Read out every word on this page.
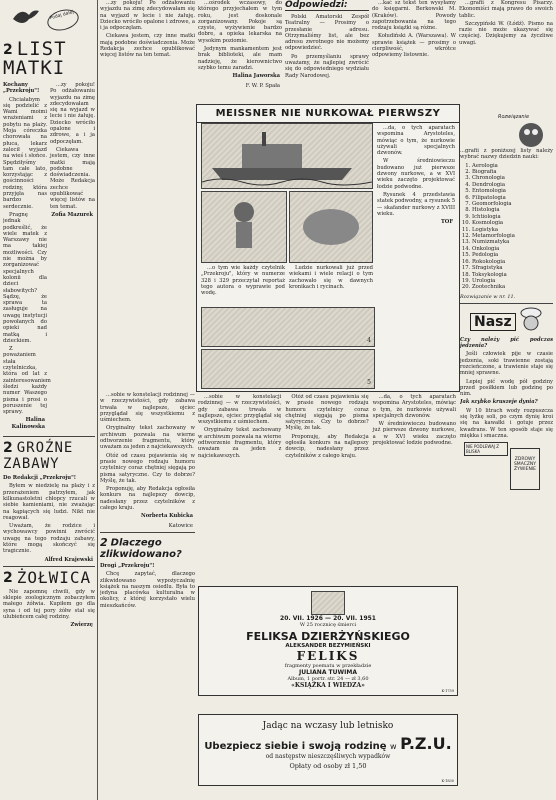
Podaj dalej
2 LIST MATKI

Kochany „Przekroju"!

Chciałabym się podzielić z Wami moimi wrażeniami z pobytu na plaży. Moja córeczka chorowała na płuca, lekarz zalecił wyjazd na wieś i słońce. Spędziłyśmy tam całe lato, korzystając z gościnności rodziny, która przyjęła nas bardzo serdecznie.

Pragnę jednak podkreślić, że wiele matek z Warszawy nie ma takiej możliwości. Czy nie można by zorganizować specjalnych kolonii dla dzieci słabowitych? Sądzę, że sprawa ta zasługuje na uwagę instytucji powołanych do opieki nad matką i dzieckiem.

Z poważaniem stała czytelniczka, która od lat z zainteresowaniem śledzi każdy numer Waszego pisma i prosi o poruszenie tej sprawy.

Halina Kalinowska

...zy pokoju! Po odżałowaniu wyjazdu na zimę zdecydowałam się na wyjazd w lecie i nie żałuję. Dziecko wróciło opalone i zdrowe, a i ja odpoczęłam.

Ciekawa jestem, czy inne matki mają podobne doświadczenia. Może Redakcja zechce opublikować więcej listów na ten temat.

Zofia Mazurek
2 GROŹNE ZABAWY

Do Redakcji „Przekroju"!

Byłem w niedzielę na plaży i z przerażeniem patrzyłem, jak kilkunastoletni chłopcy rzucali w siebie kamieniami, nie zważając na kąpiących się ludzi. Nikt nie reagował.

Uważam, że rodzice i wychowawcy powinni zwrócić uwagę na tego rodzaju zabawy, które mogą skończyć się tragicznie.

Alfred Krajewski
2 ŻOŁWICA

Nie zapomnę chwili, gdy w sklepie zoologicznym zobaczyłem małego żółwia. Kupiłem go dla syna i od tej pory żółw stał się ulubieńcem całej rodziny.

Zwierzę

...sobie w konstelacji rodzinnej — w rzeczywistości, gdy zabawa trwała w najlepsze, ojciec przyglądał się wszystkiemu z uśmiechem.

Oryginalny tekst zachowany w archiwum pozwala na wierne odtworzenie fragmentu, który uważam za jeden z najciekawszych.

Otóż od czasu pojawienia się w prasie nowego rodzaju humoru czytelnicy coraz chętniej sięgają po pisma satyryczne. Czy to dobrze? Myślę, że tak.

Proponuję, aby Redakcja ogłosiła konkurs na najlepszy dowcip, nadesłany przez czytelników z całego kraju.

Norberta Kubicka
Katowice
2 Dlaczego zlikwidowano?

Drogi „Przekroju"!

Chcę zapytać, dlaczego zlikwidowano wypożyczalnię książek na naszym osiedlu. Była to jedyna placówka kulturalna w okolicy, z której korzystało wielu mieszkańców.

...zy pokoju! Po odżałowaniu wyjazdu na zimę zdecydowałam się na wyjazd w lecie i nie żałuję. Dziecko wróciło opalone i zdrowe, a i ja odpoczęłam.

Ciekawa jestem, czy inne matki mają podobne doświadczenia. Może Redakcja zechce opublikować więcej listów na ten temat.

...ośrodek wczasowy, do którego przyjechałem w tym roku, jest doskonale zorganizowany. Pokoje są czyste, wyżywienie bardzo dobre, a opieka lekarska na wysokim poziomie.

Jedynym mankamentem jest brak biblioteki, ale mam nadzieję, że kierownictwo szybko temu zaradzi.

Halina Jaworska
F. W. P. Spała
Odpowiedzi:

Polski Amatorski Zespół Teatralny — Prosimy o przesłanie adresu. Otrzymaliśmy list, ale bez adresu zwrotnego nie możemy odpowiedzieć.

Po przemyślaniu sprawy uważamy, że najlepiej zwrócić się do odpowiedniego wydziału Rady Narodowej.

...kać sz tekst ten wysyłamy do księgarni. Berkowski M. (Kraków). Powody zapotrzebowania na tego rodzaju książki są różne.

Kołudiński A. (Warszawa). W sprawie książek — prosimy o cierpliwość, wkrótce odpowiemy listownie.

...grafii z Kongresu Pisarzy. Ekonomiści mają prawo do swoich tablic.

Szczypiński W. (Łódź). Pismo na razie nie może ukazywać się częściej. Dziękujemy za życzliwe uwagi.

MEISSNER NIE NURKOWAŁ PIERWSZY

...da, o tych aparatach wspomina Arystoteles, mówiąc o tym, że nurkowie używali specjalnych dzwonów.

W średniowieczu budowano już pierwsze dzwony nurkowe, a w XVI wieku zaczęto projektować łodzie podwodne.

Rysunek 4 przedstawia statek podwodny, a rysunek 5 — skafander nurkowy z XVIII wieku.

TOF

...o tym wie każdy czytelnik „Przekroju", który w numerze 328 i 329 przeczytał reportaż tego autora o wyprawie pod wodę.

Ludzie nurkowali już przed wiekami i wiele relacji o tym zachowało się w dawnych kronikach i rycinach.

4
5
Rozwiązanie

...grafii z poniższej listy należy wybrać nazwy dziedzin nauki:

1. Aerologia
2. Biografia
3. Chronologia
4. Dendrologia
5. Entomologia
6. Filipatologia
7. Geomorfologia
8. Histologia
9. Ichtiologia
10. Kosmologia
11. Logistyka
12. Metamorfologia
13. Numizmatyka
14. Onkologia
15. Pedologia
16. Rokokologia
17. Sfragistyka
18. Toksykologia
19. Urologia
20. Zootechnika
Rozwiązanie w nr. 11.
Nasz

Czy należy pić podczas jedzenia?

Jeśli człowiek pije w czasie jedzenia, soki trawienne zostają rozcieńczone, a trawienie staje się mniej sprawne.

Lepiej pić wodę pół godziny przed posiłkiem lub godzinę po nim.

Jak szybko kruszeje dynia?

W 10 litrach wody rozpuszcza się łyżkę soli, po czym dynię kroi się na kawałki i gotuje przez kwadrans. W ten sposób staje się miękka i smaczna.

NIE PODLEWAJ Z BLISKA
ZDROWY SMACZNY ŻYWIENIE
20. VII. 1926 — 20. VII. 1951
W 25 rocznicę śmierci
FELIKSA DZIERŻYŃSKIEGO
ALEKSANDER BEZYMIEŃSKI
FELIKS
fragmenty poematu w przekładzie
JULIANA TUWIMA
Album, 1 portr. str. 24 — zł 3,60
«KSIĄŻKA I WIEDZA»
K-1759
Jadąc na wczasy lub letnisko
Ubezpiecz siebie i swoją rodzinę w P.Z.U.
od następstw nieszczęśliwych wypadków
Opłaty od osoby zł 1,50
K-1830

...sobie w konstelacji rodzinnej — w rzeczywistości, gdy zabawa trwała w najlepsze, ojciec przyglądał się wszystkiemu z uśmiechem.

Oryginalny tekst zachowany w archiwum pozwala na wierne odtworzenie fragmentu, który uważam za jeden z najciekawszych.

Otóż od czasu pojawienia się w prasie nowego rodzaju humoru czytelnicy coraz chętniej sięgają po pisma satyryczne. Czy to dobrze? Myślę, że tak.

Proponuję, aby Redakcja ogłosiła konkurs na najlepszy dowcip, nadesłany przez czytelników z całego kraju.

...da, o tych aparatach wspomina Arystoteles, mówiąc o tym, że nurkowie używali specjalnych dzwonów.

W średniowieczu budowano już pierwsze dzwony nurkowe, a w XVI wieku zaczęto projektować łodzie podwodne.
